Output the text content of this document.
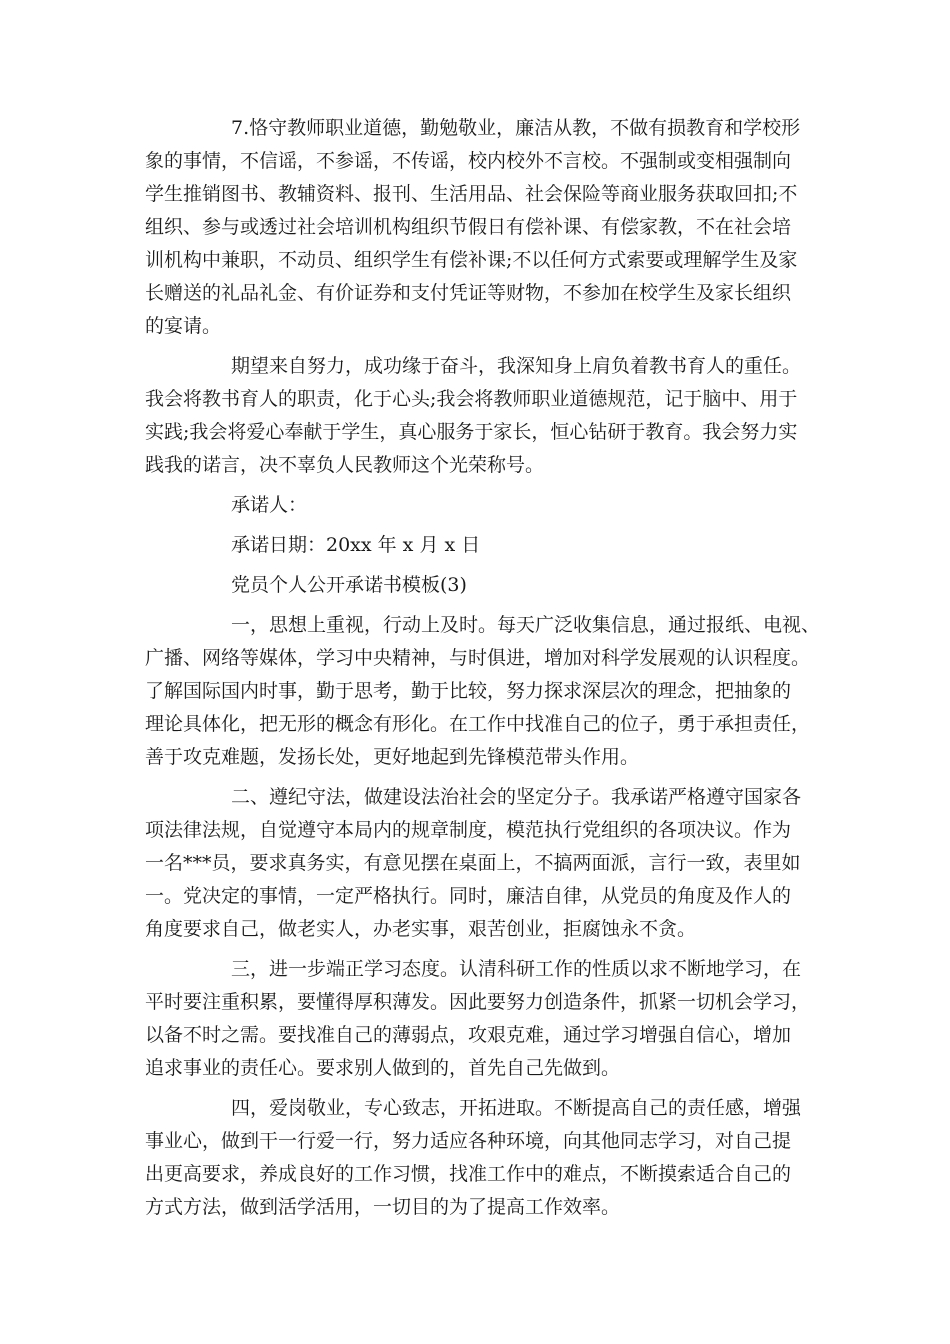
7.恪守教师职业道德，勤勉敬业，廉洁从教，不做有损教育和学校形
象的事情，不信谣，不参谣，不传谣，校内校外不言校。不强制或变相强制向
学生推销图书、教辅资料、报刊、生活用品、社会保险等商业服务获取回扣;不
组织、参与或透过社会培训机构组织节假日有偿补课、有偿家教，不在社会培
训机构中兼职，不动员、组织学生有偿补课;不以任何方式索要或理解学生及家
长赠送的礼品礼金、有价证券和支付凭证等财物，不参加在校学生及家长组织
的宴请。
期望来自努力，成功缘于奋斗，我深知身上肩负着教书育人的重任。
我会将教书育人的职责，化于心头;我会将教师职业道德规范，记于脑中、用于
实践;我会将爱心奉献于学生，真心服务于家长，恒心钻研于教育。我会努力实
践我的诺言，决不辜负人民教师这个光荣称号。
承诺人：
承诺日期：20xx 年 x 月 x 日
党员个人公开承诺书模板(3)
一，思想上重视，行动上及时。每天广泛收集信息，通过报纸、电视、
广播、网络等媒体，学习中央精神，与时俱进，增加对科学发展观的认识程度。
了解国际国内时事，勤于思考，勤于比较，努力探求深层次的理念，把抽象的
理论具体化，把无形的概念有形化。在工作中找准自己的位子，勇于承担责任，
善于攻克难题，发扬长处，更好地起到先锋模范带头作用。
二、遵纪守法，做建设法治社会的坚定分子。我承诺严格遵守国家各
项法律法规，自觉遵守本局内的规章制度，模范执行党组织的各项决议。作为
一名***员，要求真务实，有意见摆在桌面上，不搞两面派，言行一致，表里如
一。党决定的事情，一定严格执行。同时，廉洁自律，从党员的角度及作人的
角度要求自己，做老实人，办老实事，艰苦创业，拒腐蚀永不贪。
三，进一步端正学习态度。认清科研工作的性质以求不断地学习，在
平时要注重积累，要懂得厚积薄发。因此要努力创造条件，抓紧一切机会学习，
以备不时之需。要找准自己的薄弱点，攻艰克难，通过学习增强自信心，增加
追求事业的责任心。要求别人做到的，首先自己先做到。
四，爱岗敬业，专心致志，开拓进取。不断提高自己的责任感，增强
事业心，做到干一行爱一行，努力适应各种环境，向其他同志学习，对自己提
出更高要求，养成良好的工作习惯，找准工作中的难点，不断摸索适合自己的
方式方法，做到活学活用，一切目的为了提高工作效率。
